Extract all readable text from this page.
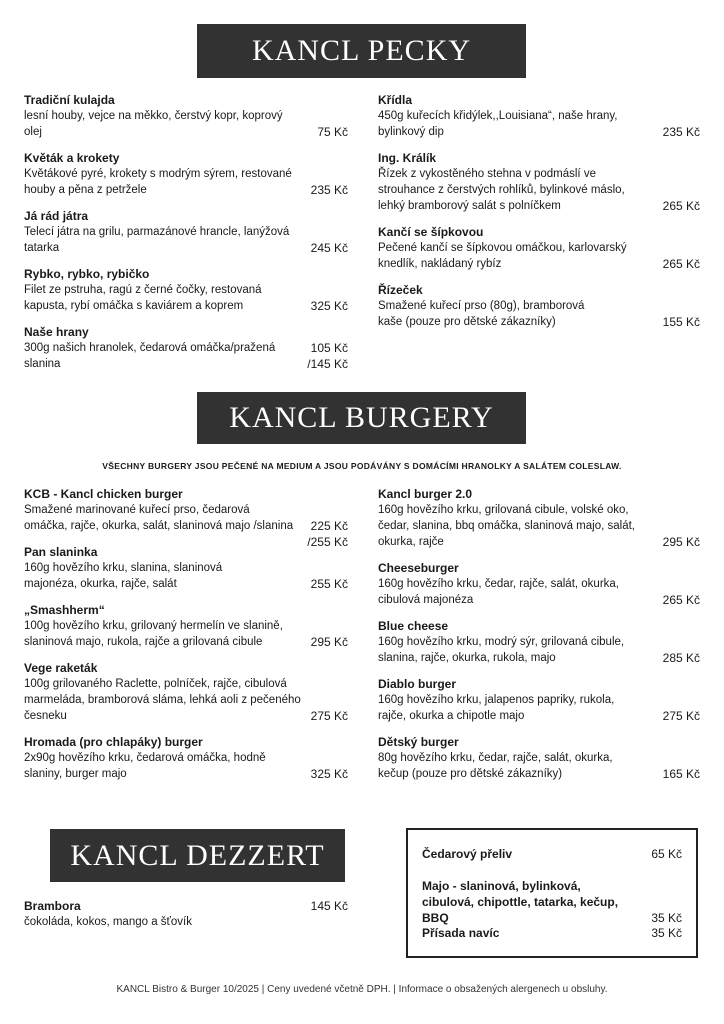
KANCL PECKY
Tradiční kulajda
lesní houby, vejce na měkko, čerstvý kopr, koprový olej	75 Kč
Květák a krokety
Květákové pyré, krokety s modrým sýrem, restované houby a pěna z petržele	235 Kč
Já rád játra
Telecí játra na grilu, parmazánové hrancle, lanýžová tatarka	245 Kč
Rybko, rybko, rybičko
Filet ze pstruha, ragú z černé čočky, restovaná kapusta, rybí omáčka s kaviárem a koprem	325 Kč
Naše hrany
300g našich hranolek, čedarová omáčka/pražená slanina
105 Kč /145 Kč
Křídla
450g kuřecích křidýlek,,Louisiana“, naše hrany, bylinkový dip	235 Kč
Ing. Králík
Řízek z vykostěného stehna v podmáslí ve strouhance z čerstvých rohlíků, bylinkové máslo, lehký bramborový salát s polníčkem	265 Kč
Kančí se šípkovou
Pečené kančí se šípkovou omáčkou, karlovarský knedlík, nakládaný rybíz	265 Kč
Řízeček
Smažené kuřecí prso (80g), bramborová kaše (pouze pro dětské zákazníky)	155 Kč
KANCL BURGERY
VŠECHNY BURGERY JSOU PEČENÉ NA MEDIUM A JSOU PODÁVÁNY S DOMÁCÍMI HRANOLKY A SALÁTEM COLESLAW.
KCB - Kancl chicken burger
Smažené marinované kuřecí prso, čedarová omáčka, rajče, okurka, salát, slaninová majo /slanina	225 Kč /255 Kč
Pan slaninka
160g hovězího krku, slanina, slaninová majonéza, okurka, rajče, salát	255 Kč
„Smashherm“
100g hovězího krku, grilovaný hermelín ve slanině, slaninová majo, rukola, rajče a grilovaná cibule	295 Kč
Vege raketák
100g grilovaného Raclette, polníček, rajče, cibulová marmeláda, bramborová sláma, lehká aoli z pečeného česneku	275 Kč
Hromada (pro chlapáky) burger
2x90g hovězího krku, čedarová omáčka, hodně slaniny, burger majo	325 Kč
Kancl burger 2.0
160g hovězího krku, grilovaná cibule, volské oko, čedar, slanina, bbq omáčka, slaninová majo, salát, okurka, rajče	295 Kč
Cheeseburger
160g hovězího krku, čedar, rajče, salát, okurka, cibulová majonéza	265 Kč
Blue cheese
160g hovězího krku, modrý sýr, grilovaná cibule, slanina, rajče, okurka, rukola, majo	285 Kč
Diablo burger
160g hovězího krku, jalapenos papriky, rukola, rajče, okurka a chipotle majo	275 Kč
Dětský burger
80g hovězího krku, čedar, rajče, salát, okurka, kečup (pouze pro dětské zákazníky)	165 Kč
KANCL DEZZERT
Brambora
čokoláda, kokos, mango a šťovík
145 Kč
Čedarový přeliv	65 Kč
Majo - slaninová, bylinková, cibulová, chipottle, tatarka, kečup, BBQ	35 Kč
Přísada navíc	35 Kč
KANCL Bistro & Burger 10/2025 | Ceny uvedené včetně DPH. | Informace o obsažených alergenech u obsluhy.
